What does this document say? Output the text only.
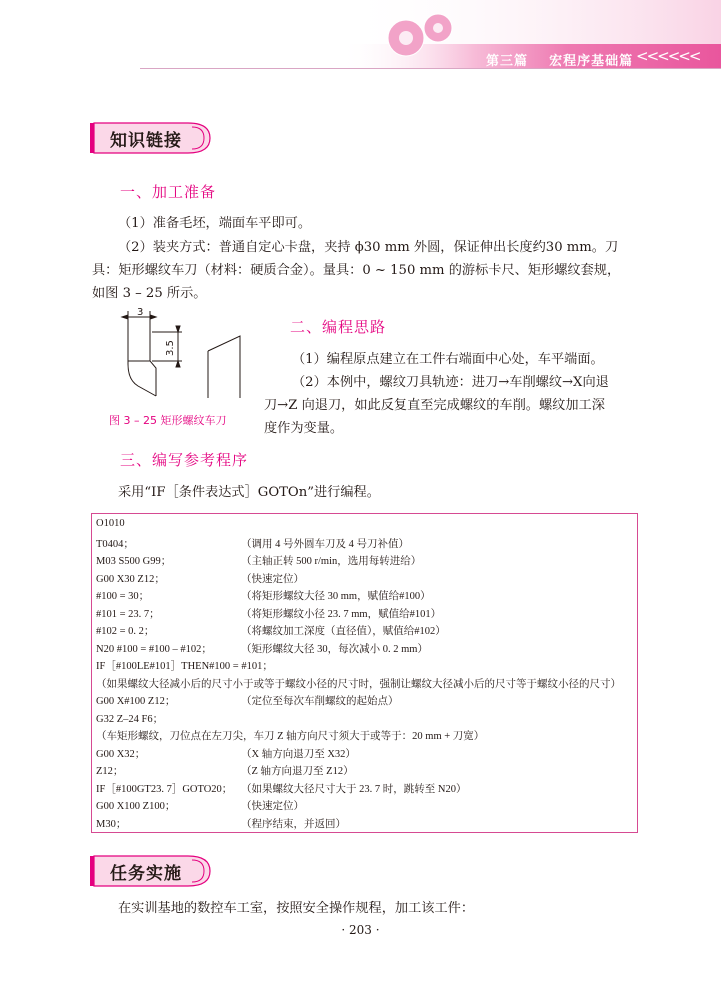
第三篇 宏程序基础篇 <<<<<<
知识链接
一、加工准备
（1）准备毛坯，端面车平即可。
（2）装夹方式：普通自定心卡盘，夹持 ϕ30 mm 外圆，保证伸出长度约30 mm。刀
具：矩形螺纹车刀（材料：硬质合金）。量具：0 ~ 150 mm 的游标卡尺、矩形螺纹套规，
如图 3 – 25 所示。
3
3.5
图 3 – 25 矩形螺纹车刀
二、编程思路
（1）编程原点建立在工件右端面中心处，车平端面。
（2）本例中，螺纹刀具轨迹：进刀→车削螺纹→X向退
刀→Z 向退刀，如此反复直至完成螺纹的车削。螺纹加工深
度作为变量。
三、编写参考程序
采用“IF［条件表达式］GOTOn”进行编程。
O1010
T0404；	（调用 4 号外圆车刀及 4 号刀补值）
M03 S500 G99；	（主轴正转 500 r/min，选用每转进给）
G00 X30 Z12；	（快速定位）
#100 = 30；	（将矩形螺纹大径 30 mm，赋值给#100）
#101 = 23. 7；	（将矩形螺纹小径 23. 7 mm，赋值给#101）
#102 = 0. 2；	（将螺纹加工深度（直径值），赋值给#102）
N20 #100 = #100 – #102；	（矩形螺纹大径 30，每次减小 0. 2 mm）
IF［#100LE#101］THEN#100 = #101；
（如果螺纹大径减小后的尺寸小于或等于螺纹小径的尺寸时，强制让螺纹大径减小后的尺寸等于螺纹小径的尺寸）
G00 X#100 Z12；	（定位至每次车削螺纹的起始点）
G32 Z–24 F6；
（车矩形螺纹，刀位点在左刀尖，车刀 Z 轴方向尺寸须大于或等于：20 mm + 刀宽）
G00 X32；	（X 轴方向退刀至 X32）
Z12；	（Z 轴方向退刀至 Z12）
IF［#100GT23. 7］GOTO20； （如果螺纹大径尺寸大于 23. 7 时，跳转至 N20）
G00 X100 Z100；	（快速定位）
M30；	（程序结束，并返回）
任务实施
在实训基地的数控车工室，按照安全操作规程，加工该工件：
· 203 ·
